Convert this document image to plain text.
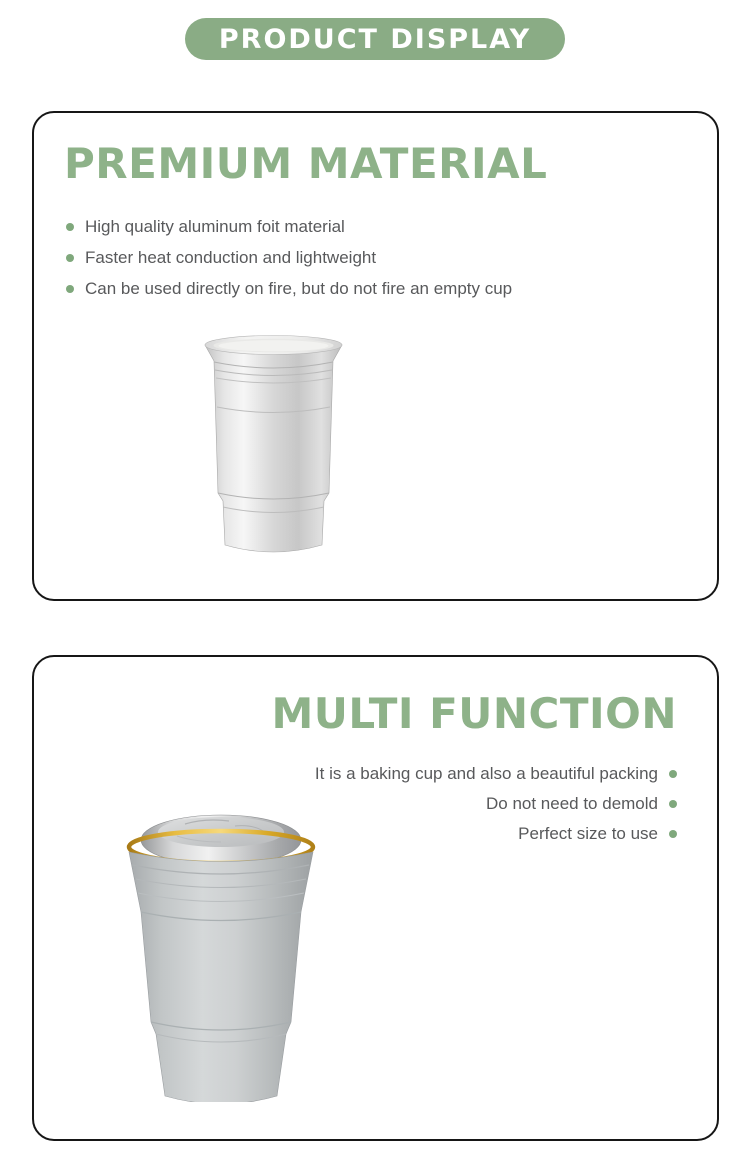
PRODUCT DISPLAY
PREMIUM MATERIAL
High quality aluminum foit material
Faster heat conduction and lightweight
Can be used directly on fire, but do not fire an empty cup
MULTI FUNCTION
It is a baking cup and also a beautiful packing
Do not need to demold
Perfect size to use
